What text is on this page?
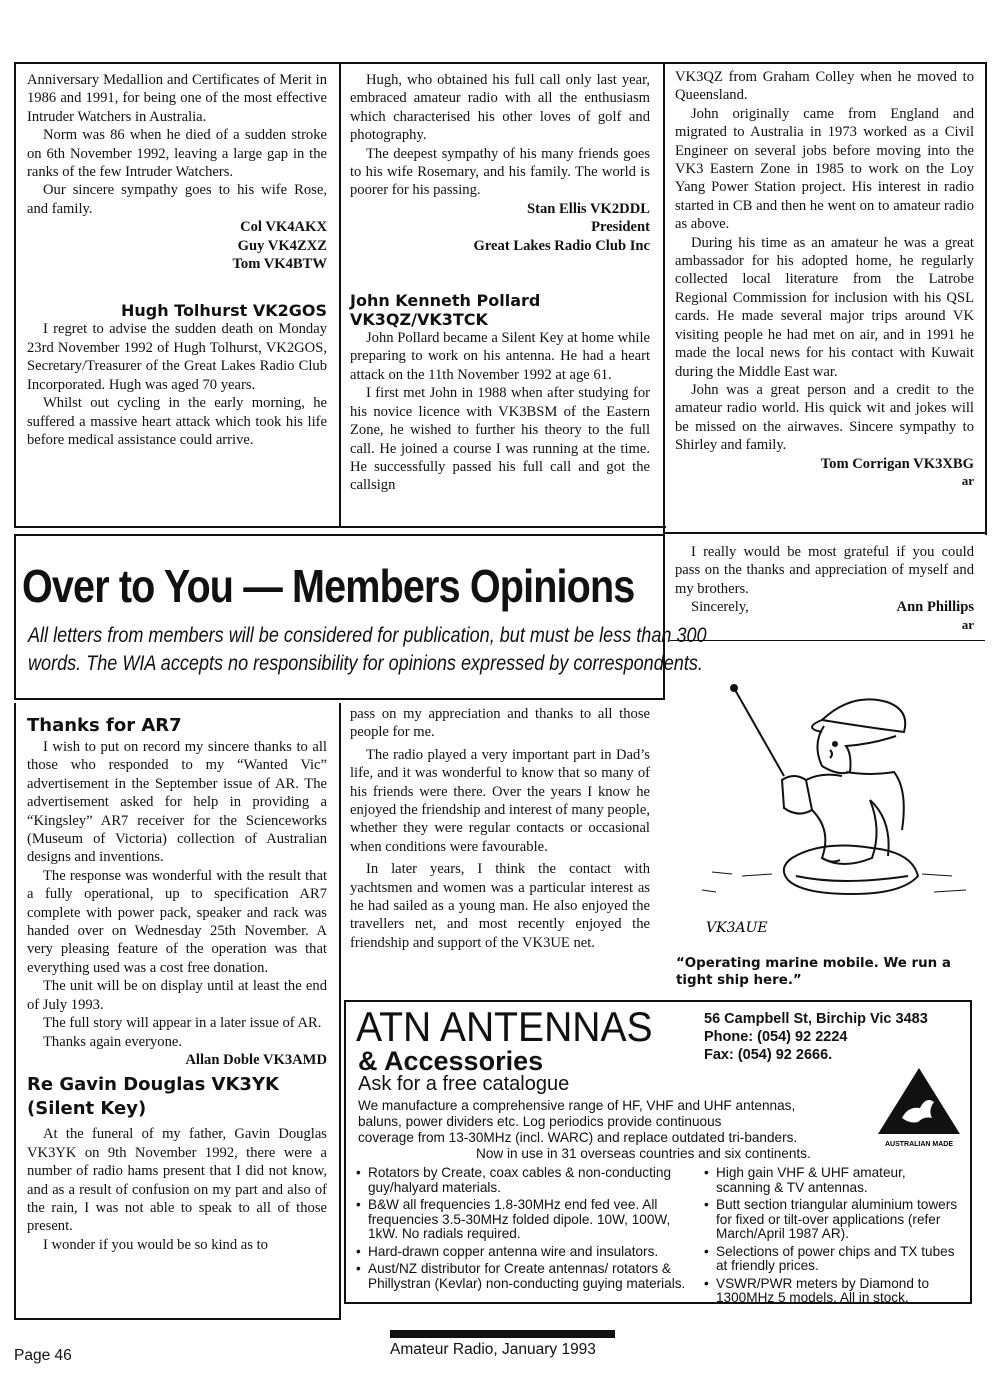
Anniversary Medallion and Certificates of Merit in 1986 and 1991, for being one of the most effective Intruder Watchers in Australia.

Norm was 86 when he died of a sudden stroke on 6th November 1992, leaving a large gap in the ranks of the few Intruder Watchers.

Our sincere sympathy goes to his wife Rose, and family.

Col VK4AKX

Guy VK4ZXZ

Tom VK4BTW

Hugh Tolhurst VK2GOS

I regret to advise the sudden death on Monday 23rd November 1992 of Hugh Tolhurst, VK2GOS, Secretary/Treasurer of the Great Lakes Radio Club Incorporated. Hugh was aged 70 years.

Whilst out cycling in the early morning, he suffered a massive heart attack which took his life before medical assistance could arrive.

Hugh, who obtained his full call only last year, embraced amateur radio with all the enthusiasm which characterised his other loves of golf and photography.

The deepest sympathy of his many friends goes to his wife Rosemary, and his family. The world is poorer for his passing.

Stan Ellis VK2DDL

President

Great Lakes Radio Club Inc

John Kenneth Pollard
VK3QZ/VK3TCK

John Pollard became a Silent Key at home while preparing to work on his antenna. He had a heart attack on the 11th November 1992 at age 61.

I first met John in 1988 when after studying for his novice licence with VK3BSM of the Eastern Zone, he wished to further his theory to the full call. He joined a course I was running at the time. He successfully passed his full call and got the callsign

VK3QZ from Graham Colley when he moved to Queensland.

John originally came from England and migrated to Australia in 1973 worked as a Civil Engineer on several jobs before moving into the VK3 Eastern Zone in 1985 to work on the Loy Yang Power Station project. His interest in radio started in CB and then he went on to amateur radio as above.

During his time as an amateur he was a great ambassador for his adopted home, he regularly collected local literature from the Latrobe Regional Commission for inclusion with his QSL cards. He made several major trips around VK visiting people he had met on air, and in 1991 he made the local news for his contact with Kuwait during the Middle East war.

John was a great person and a credit to the amateur radio world. His quick wit and jokes will be missed on the airwaves. Sincere sympathy to Shirley and family.

Tom Corrigan VK3XBG

ar

Over to You — Members Opinions
All letters from members will be considered for publication, but must be less than 300
words. The WIA accepts no responsibility for opinions expressed by correspondents.

I really would be most grateful if you could pass on the thanks and appreciation of myself and my brothers.

Sincerely,	Ann Phillips

ar

VK3AUE
“Operating marine mobile. We run a tight ship here.”
Thanks for AR7

I wish to put on record my sincere thanks to all those who responded to my “Wanted Vic” advertisement in the September issue of AR. The advertisement asked for help in providing a “Kingsley” AR7 receiver for the Scienceworks (Museum of Victoria) collection of Australian designs and inventions.

The response was wonderful with the result that a fully operational, up to specification AR7 complete with power pack, speaker and rack was handed over on Wednesday 25th November. A very pleasing feature of the operation was that everything used was a cost free donation.

The unit will be on display until at least the end of July 1993.

The full story will appear in a later issue of AR.

Thanks again everyone.

Allan Doble VK3AMD

Re Gavin Douglas VK3YK
(Silent Key)

At the funeral of my father, Gavin Douglas VK3YK on 9th November 1992, there were a number of radio hams present that I did not know, and as a result of confusion on my part and also of the rain, I was not able to speak to all of those present.

I wonder if you would be so kind as to

pass on my appreciation and thanks to all those people for me.

The radio played a very important part in Dad’s life, and it was wonderful to know that so many of his friends were there. Over the years I know he enjoyed the friendship and interest of many people, whether they were regular contacts or occasional when conditions were favourable.

In later years, I think the contact with yachtsmen and women was a particular interest as he had sailed as a young man. He also enjoyed the travellers net, and most recently enjoyed the friendship and support of the VK3UE net.

ATN ANTENNAS
& Accessories
Ask for a free catalogue
56 Campbell St, Birchip Vic 3483
Phone: (054) 92 2224
Fax: (054) 92 2666.
We manufacture a comprehensive range of HF, VHF and UHF antennas,
baluns, power dividers etc. Log periodics provide continuous
coverage from 13-30MHz (incl. WARC) and replace outdated tri-banders.
Now in use in 31 overseas countries and six continents.
AUSTRALIAN MADE
• Rotators by Create, coax cables & non-conducting guy/halyard materials.
• B&W all frequencies 1.8-30MHz end fed vee. All frequencies 3.5-30MHz folded dipole. 10W, 100W, 1kW. No radials required.
• Hard-drawn copper antenna wire and insulators.
• Aust/NZ distributor for Create antennas/ rotators & Phillystran (Kevlar) non-conducting guying materials.
• High gain VHF & UHF amateur, scanning & TV antennas.
• Butt section triangular aluminium towers for fixed or tilt-over applications (refer March/April 1987 AR).
• Selections of power chips and TX tubes at friendly prices.
• VSWR/PWR meters by Diamond to 1300MHz 5 models. All in stock.
Page 46	Amateur Radio, January 1993
